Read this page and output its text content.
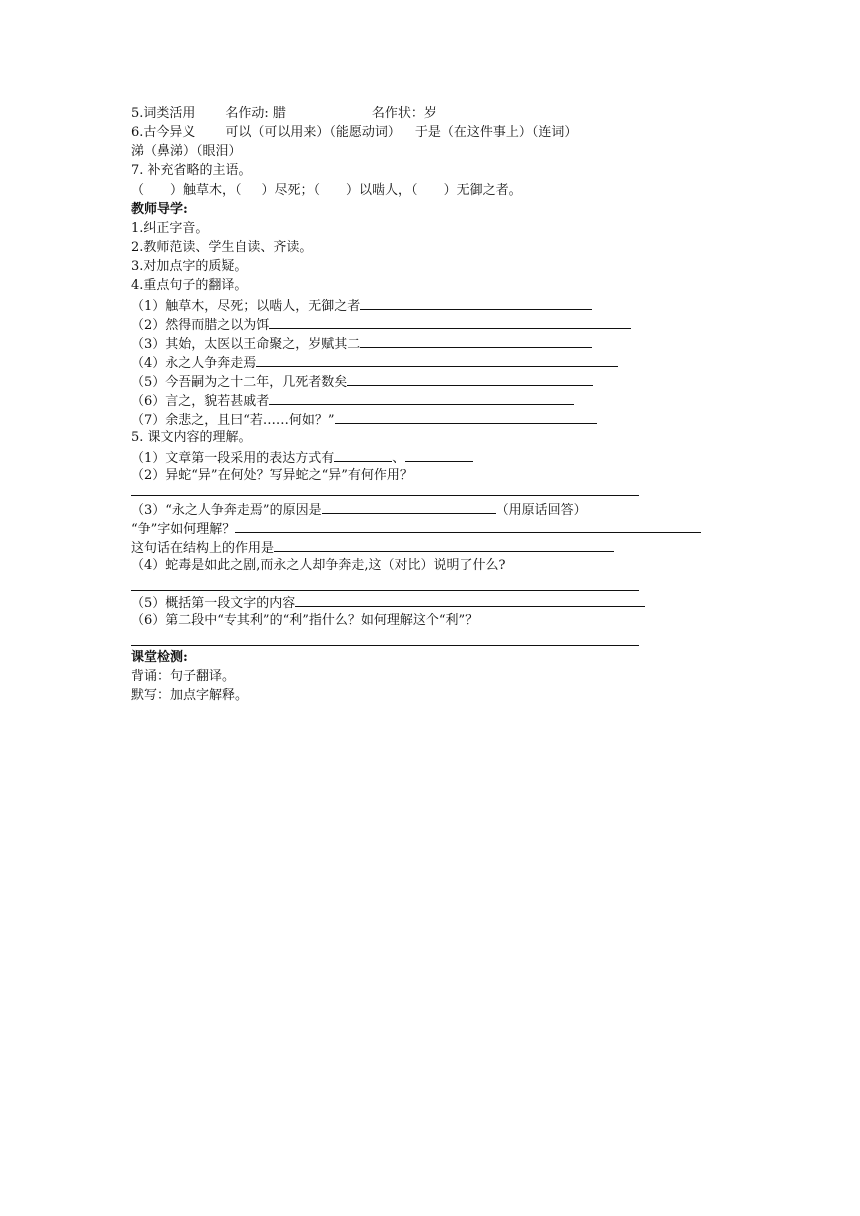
5.词类活用 名作动: 腊	名作状：岁
6.古今异义 可以（可以用来）（能愿动词） 于是（在这件事上）（连词）
涕（鼻涕）（眼泪）
7. 补充省略的主语。
（ ）触草木，（ ）尽死；（ ）以啮人，（ ）无御之者。
教师导学:
1.纠正字音。
2.教师范读、学生自读、齐读。
3.对加点字的质疑。
4.重点句子的翻译。
（1）触草木，尽死；以啮人，无御之者
（2）然得而腊之以为饵
（3）其始，太医以王命聚之，岁赋其二
（4）永之人争奔走焉
（5）今吾嗣为之十二年，几死者数矣
（6）言之，貌若甚戚者
（7）余悲之，且曰“若……何如？”
5. 课文内容的理解。
（1）文章第一段采用的表达方式有	、
（2）异蛇“异”在何处？写异蛇之“异”有何作用？
（3）“永之人争奔走焉”的原因是	（用原话回答）
“争”字如何理解？
这句话在结构上的作用是
（4）蛇毒是如此之剧,而永之人却争奔走,这（对比）说明了什么?
（5）概括第一段文字的内容
（6）第二段中“专其利”的“利”指什么？如何理解这个“利”？
课堂检测:
背诵：句子翻译。
默写：加点字解释。
